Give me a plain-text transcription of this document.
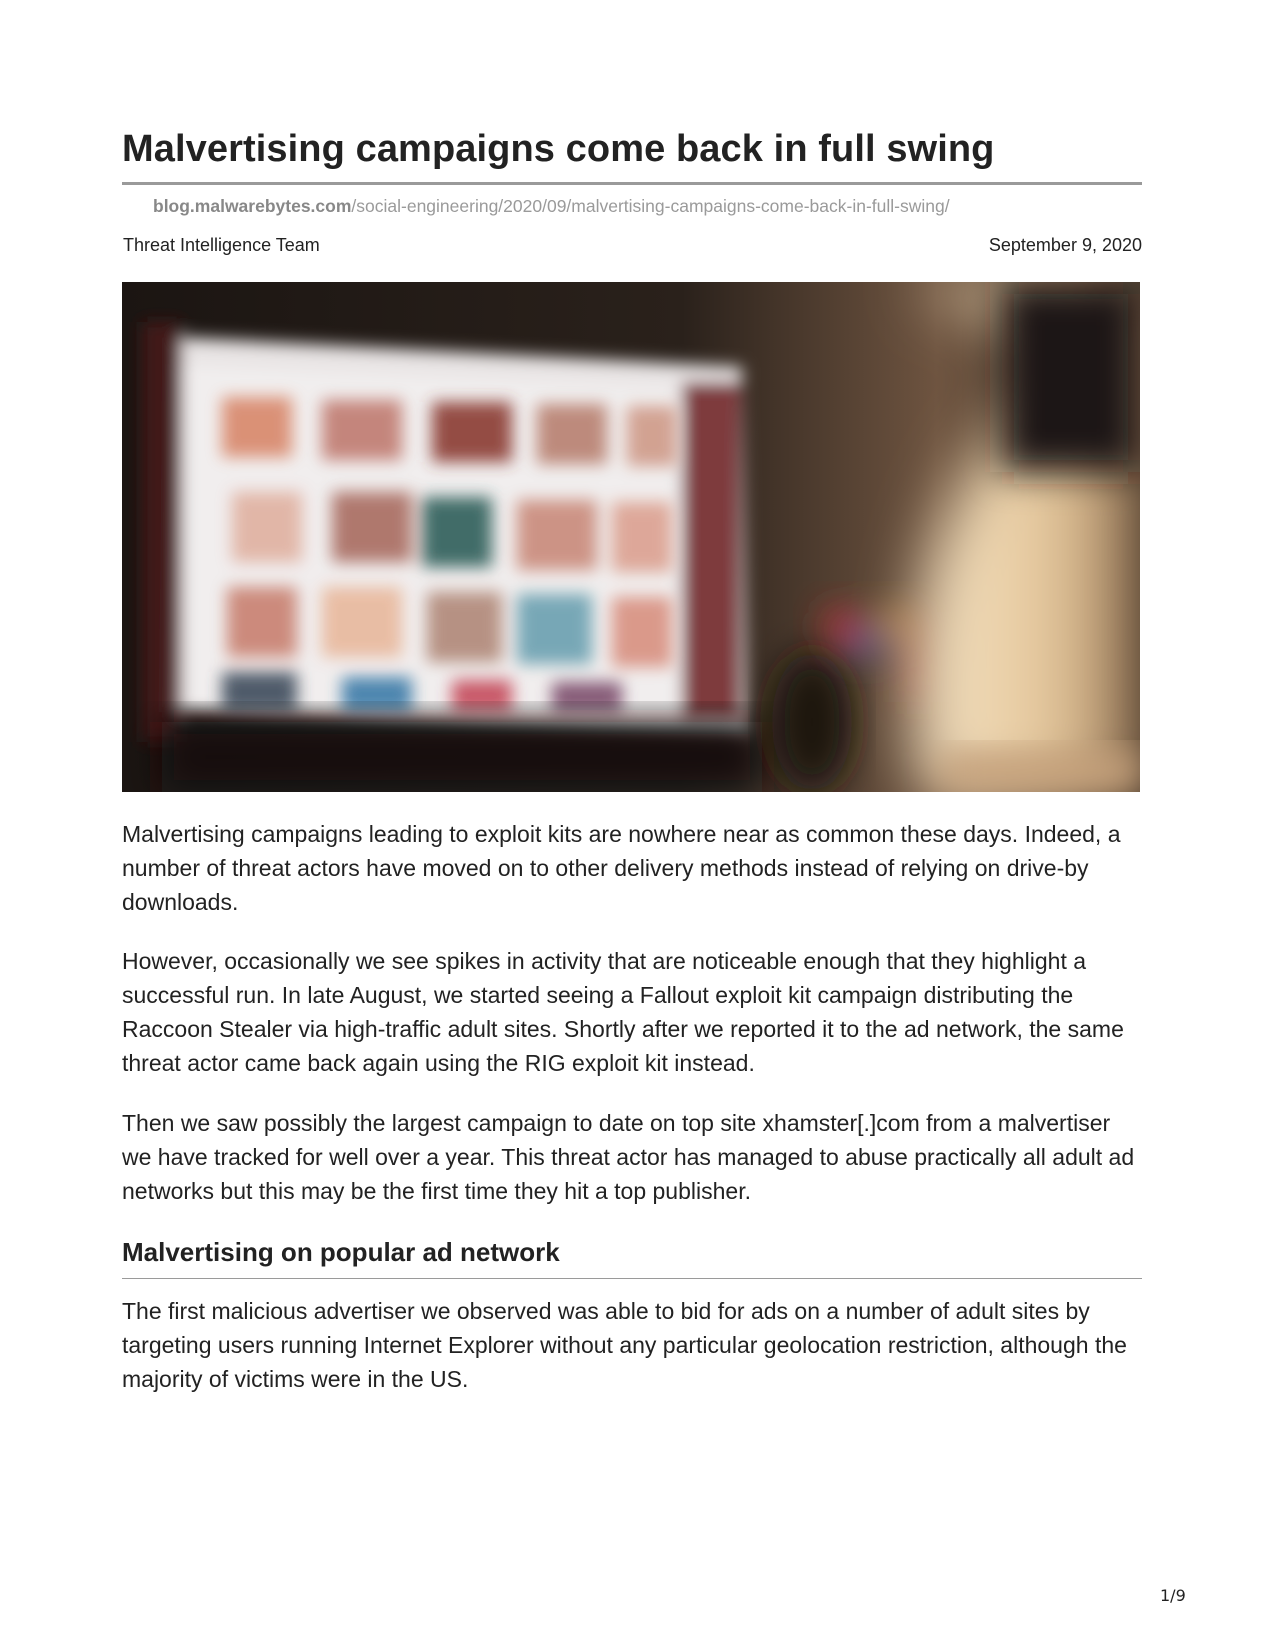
Malvertising campaigns come back in full swing
blog.malwarebytes.com/social-engineering/2020/09/malvertising-campaigns-come-back-in-full-swing/
Threat Intelligence Team	September 9, 2020

Malvertising campaigns leading to exploit kits are nowhere near as common these days. Indeed, a number of threat actors have moved on to other delivery methods instead of relying on drive-by downloads.

However, occasionally we see spikes in activity that are noticeable enough that they highlight a successful run. In late August, we started seeing a Fallout exploit kit campaign distributing the Raccoon Stealer via high-traffic adult sites. Shortly after we reported it to the ad network, the same threat actor came back again using the RIG exploit kit instead.

Then we saw possibly the largest campaign to date on top site xhamster[.]com from a malvertiser we have tracked for well over a year. This threat actor has managed to abuse practically all adult ad networks but this may be the first time they hit a top publisher.

Malvertising on popular ad network

The first malicious advertiser we observed was able to bid for ads on a number of adult sites by targeting users running Internet Explorer without any particular geolocation restriction, although the majority of victims were in the US.

1/9
